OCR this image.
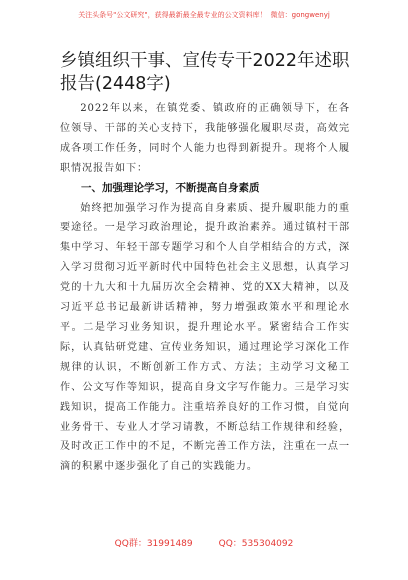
关注头条号"公文研究"，获得最新最全最专业的公文资料库！ 微信：gongwenyj
乡镇组织干事、宣传专干2022年述职报告(2448字)

2022年以来，在镇党委、镇政府的正确领导下，在各位领导、干部的关心支持下，我能够强化履职尽责，高效完成各项工作任务，同时个人能力也得到新提升。现将个人履职情况报告如下：

一、加强理论学习，不断提高自身素质

始终把加强学习作为提高自身素质、提升履职能力的重要途径。一是学习政治理论，提升政治素养。通过镇村干部集中学习、年轻干部专题学习和个人自学相结合的方式，深入学习贯彻习近平新时代中国特色社会主义思想，认真学习党的十九大和十九届历次全会精神、党的XX大精神，以及习近平总书记最新讲话精神，努力增强政策水平和理论水平。二是学习业务知识，提升理论水平。紧密结合工作实际，认真钻研党建、宣传业务知识，通过理论学习深化工作规律的认识，不断创新工作方式、方法；主动学习文秘工作、公文写作等知识，提高自身文字写作能力。三是学习实践知识，提高工作能力。注重培养良好的工作习惯，自觉向业务骨干、专业人才学习请教，不断总结工作规律和经验，及时改正工作中的不足，不断完善工作方法，注重在一点一滴的积累中逐步强化了自己的实践能力。

QQ群：31991489	QQ：535304092
